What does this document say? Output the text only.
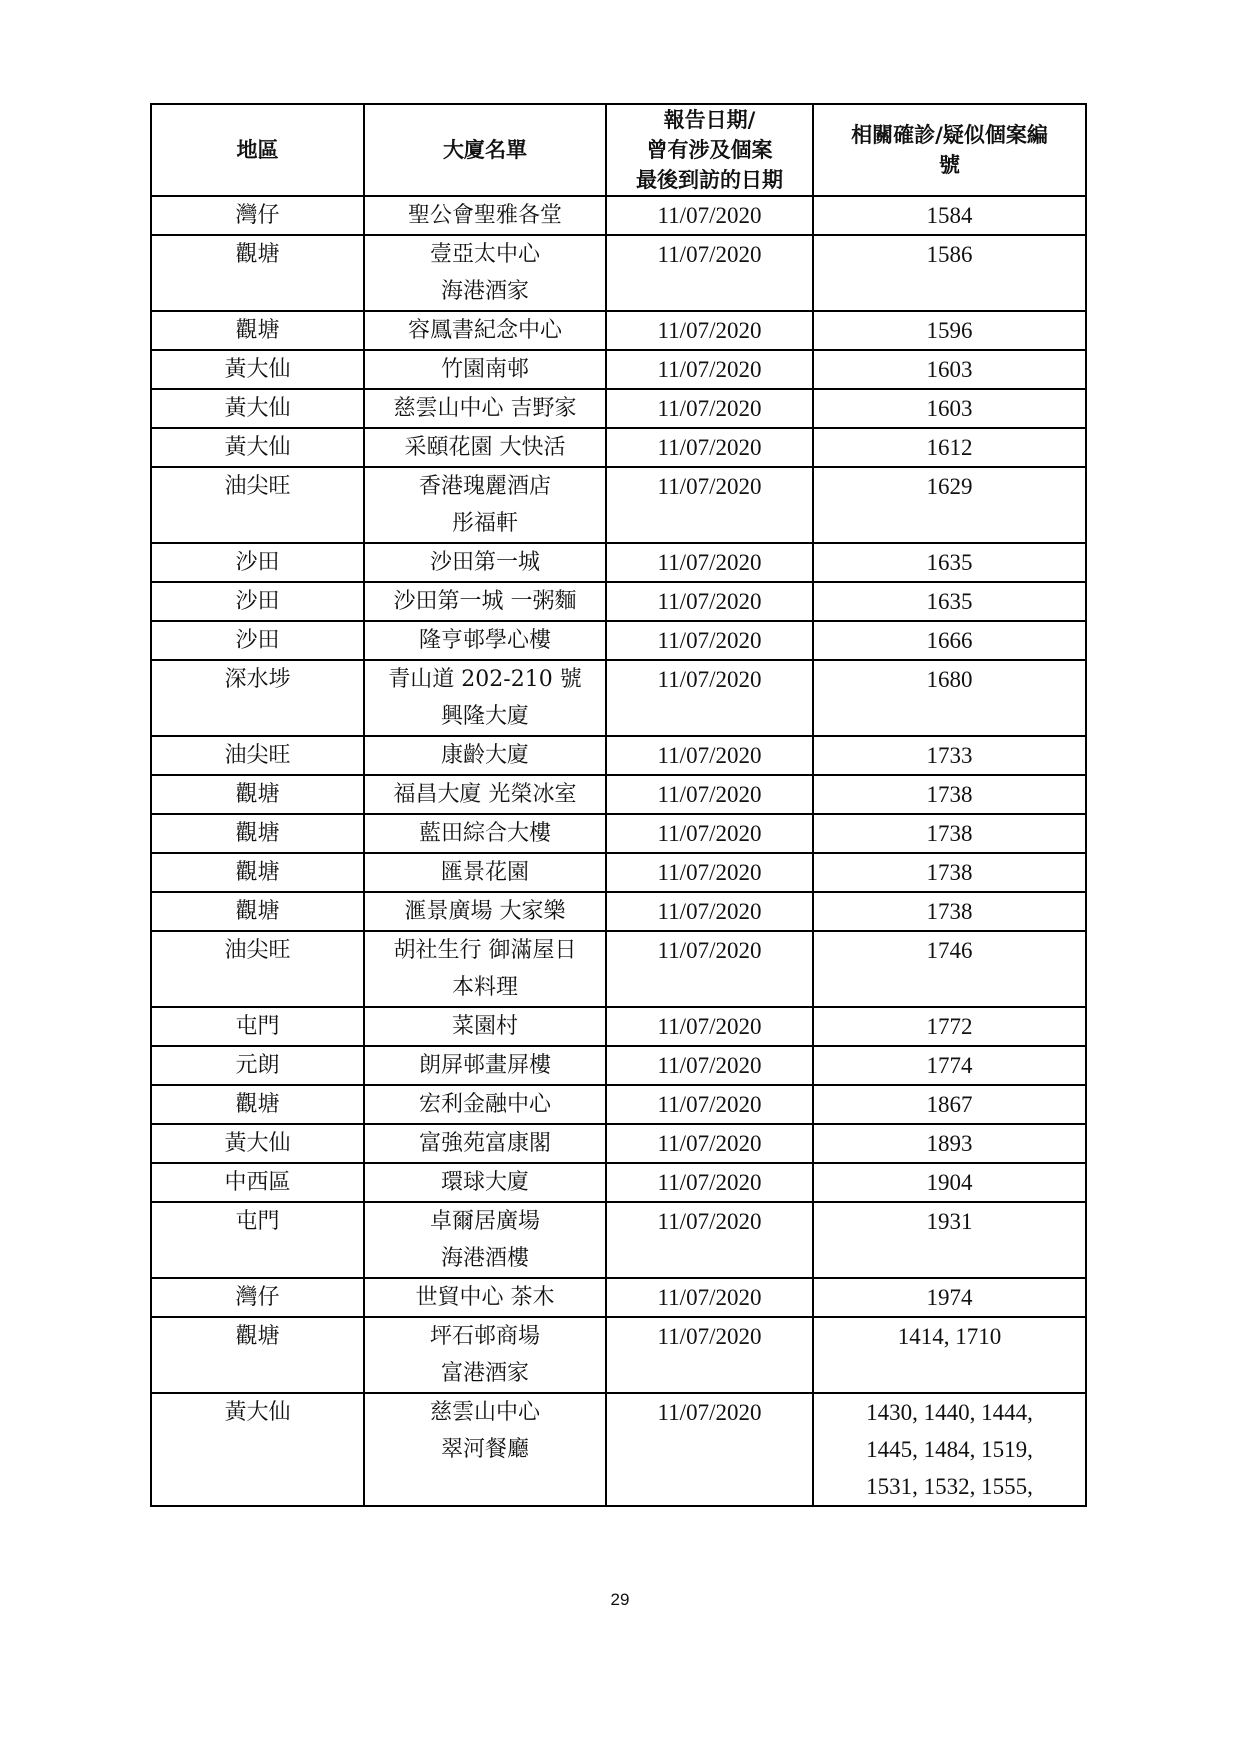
地區	大廈名單	報告日期/
曾有涉及個案
最後到訪的日期	相關確診/疑似個案編
號

灣仔	聖公會聖雅各堂	11/07/2020	1584

觀塘	壹亞太中心
海港酒家	11/07/2020	1586

觀塘	容鳳書紀念中心	11/07/2020	1596

黃大仙	竹園南邨	11/07/2020	1603

黃大仙	慈雲山中心 吉野家	11/07/2020	1603

黃大仙	采頤花園 大快活	11/07/2020	1612

油尖旺	香港瑰麗酒店
彤福軒	11/07/2020	1629

沙田	沙田第一城	11/07/2020	1635

沙田	沙田第一城 一粥麵	11/07/2020	1635

沙田	隆亨邨學心樓	11/07/2020	1666

深水埗	青山道 202-210 號
興隆大廈	11/07/2020	1680

油尖旺	康齡大廈	11/07/2020	1733

觀塘	福昌大廈 光榮冰室	11/07/2020	1738

觀塘	藍田綜合大樓	11/07/2020	1738

觀塘	匯景花園	11/07/2020	1738

觀塘	滙景廣場 大家樂	11/07/2020	1738

油尖旺	胡社生行 御滿屋日
本料理	11/07/2020	1746

屯門	菜園村	11/07/2020	1772

元朗	朗屏邨畫屏樓	11/07/2020	1774

觀塘	宏利金融中心	11/07/2020	1867

黃大仙	富強苑富康閣	11/07/2020	1893

中西區	環球大廈	11/07/2020	1904

屯門	卓爾居廣場
海港酒樓	11/07/2020	1931

灣仔	世貿中心 茶木	11/07/2020	1974

觀塘	坪石邨商場
富港酒家	11/07/2020	1414, 1710

黃大仙	慈雲山中心
翠河餐廳	11/07/2020	1430, 1440, 1444,
1445, 1484, 1519,
1531, 1532, 1555,
29
